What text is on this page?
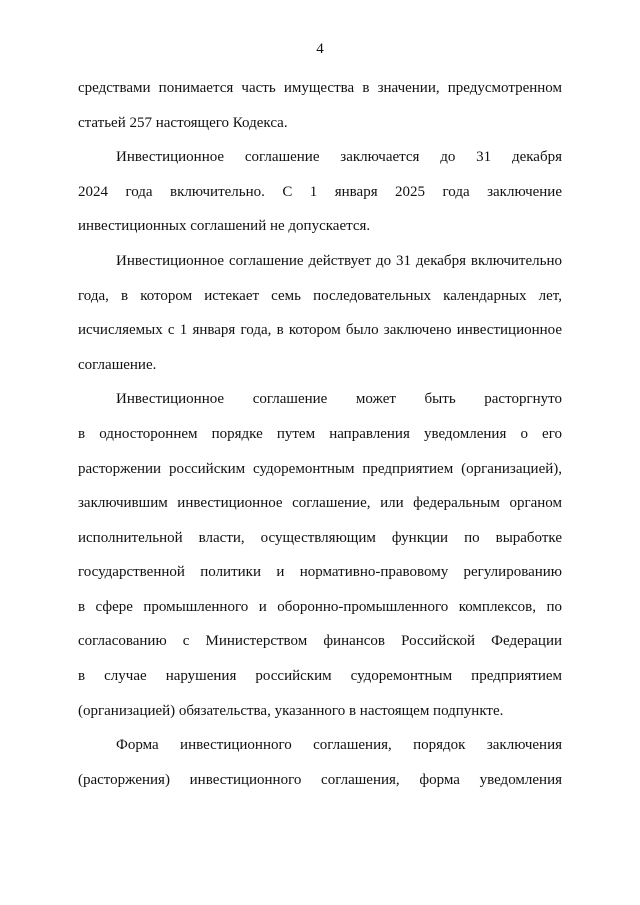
4
средствами понимается часть имущества в значении, предусмотренном
статьей 257 настоящего Кодекса.
Инвестиционное соглашение заключается до 31 декабря
2024 года включительно. С 1 января 2025 года заключение
инвестиционных соглашений не допускается.
Инвестиционное соглашение действует до 31 декабря включительно
года, в котором истекает семь последовательных календарных лет,
исчисляемых с 1 января года, в котором было заключено инвестиционное
соглашение.
Инвестиционное соглашение может быть расторгнуто
в одностороннем порядке путем направления уведомления о его
расторжении российским судоремонтным предприятием (организацией),
заключившим инвестиционное соглашение, или федеральным органом
исполнительной власти, осуществляющим функции по выработке
государственной политики и нормативно-правовому регулированию
в сфере промышленного и оборонно-промышленного комплексов, по
согласованию с Министерством финансов Российской Федерации
в случае нарушения российским судоремонтным предприятием
(организацией) обязательства, указанного в настоящем подпункте.
Форма инвестиционного соглашения, порядок заключения
(расторжения) инвестиционного соглашения, форма уведомления
